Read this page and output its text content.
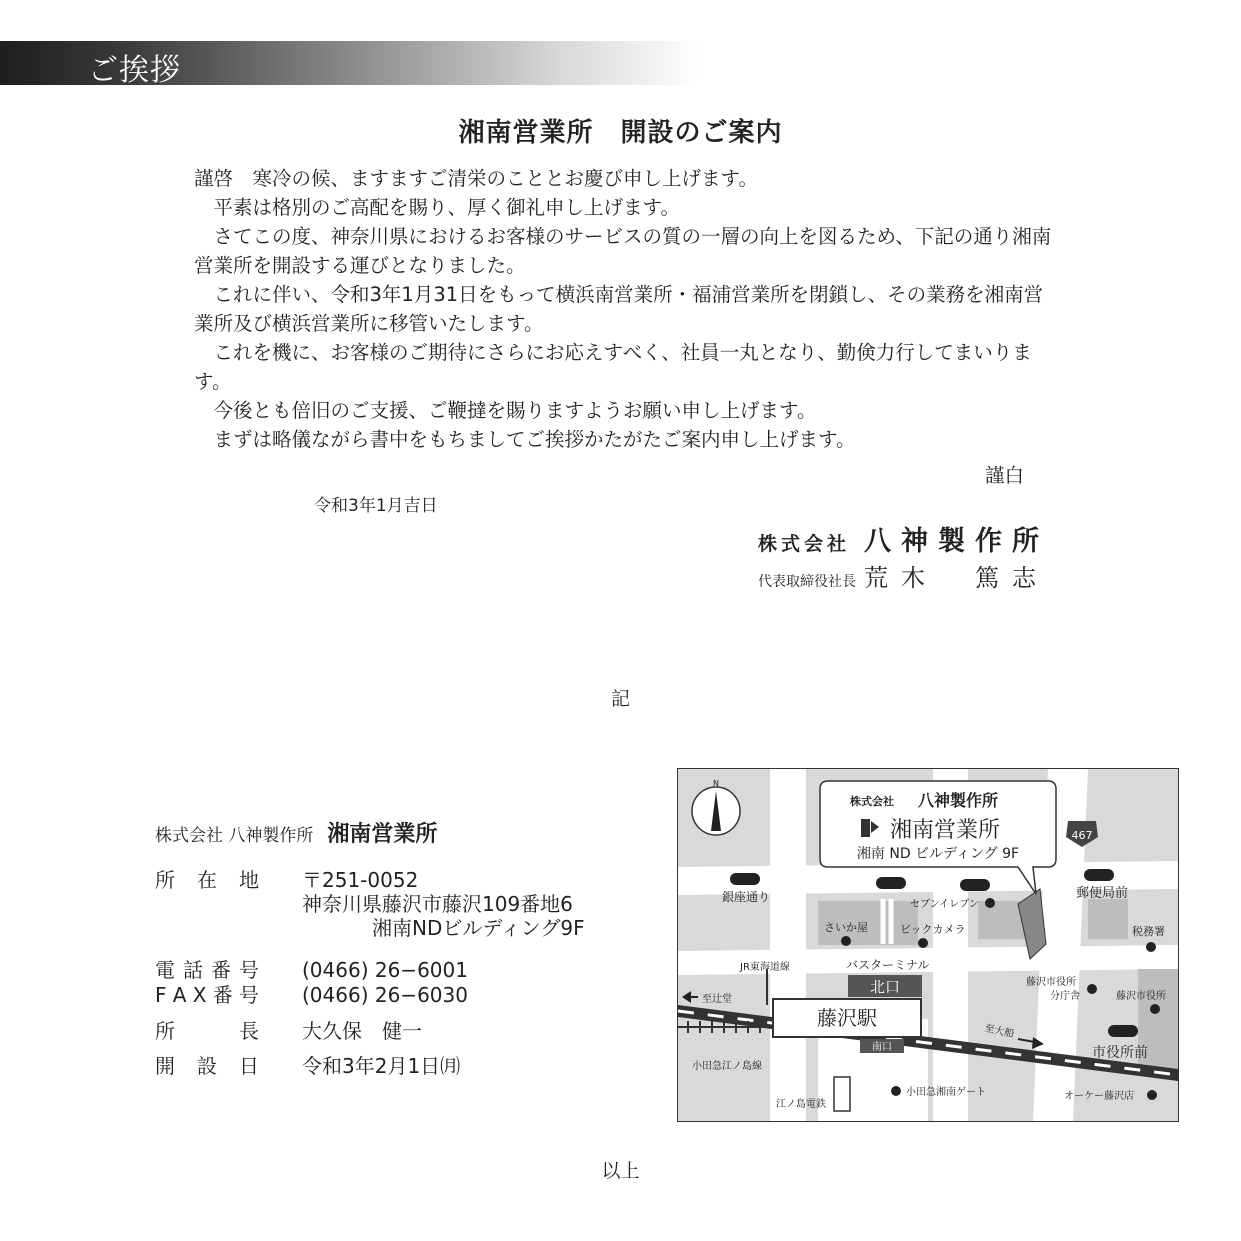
ご挨拶
湘南営業所　開設のご案内

謹啓　寒冷の候、ますますご清栄のこととお慶び申し上げます。

平素は格別のご高配を賜り、厚く御礼申し上げます。

さてこの度、神奈川県におけるお客様のサービスの質の一層の向上を図るため、下記の通り湘南営業所を開設する運びとなりました。

これに伴い、令和3年1月31日をもって横浜南営業所・福浦営業所を閉鎖し、その業務を湘南営業所及び横浜営業所に移管いたします。

これを機に、お客様のご期待にさらにお応えすべく、社員一丸となり、勤倹力行してまいります。

今後とも倍旧のご支援、ご鞭撻を賜りますようお願い申し上げます。

まずは略儀ながら書中をもちましてご挨拶かたがたご案内申し上げます。

謹白
令和3年1月吉日
株式会社 八神製作所
代表取締役社長 荒木　篤志
記
株式会社 八神製作所 湘南営業所
所 在 地 〒251-0052
神奈川県藤沢市藤沢109番地6
湘南NDビルディング9F
電 話 番 号 (0466) 26−6001
F A X 番 号 (0466) 26−6030
所	長 大久保　健一
開 設 日 令和3年2月1日㈪
藤沢駅
北口
南口
N
株式会社 八神製作所
湘南営業所
湘南 ND ビルディング 9F
467
銀座通り
セブンイレブン
郵便局前
さいか屋	ビックカメラ	税務署
JR東海道線	バスターミナル
藤沢市役所
分庁舎	藤沢市役所
至辻堂
至大船
市役所前
小田急江ノ島線
小田急湘南ゲート	オーケー藤沢店
江ノ島電鉄
以上
